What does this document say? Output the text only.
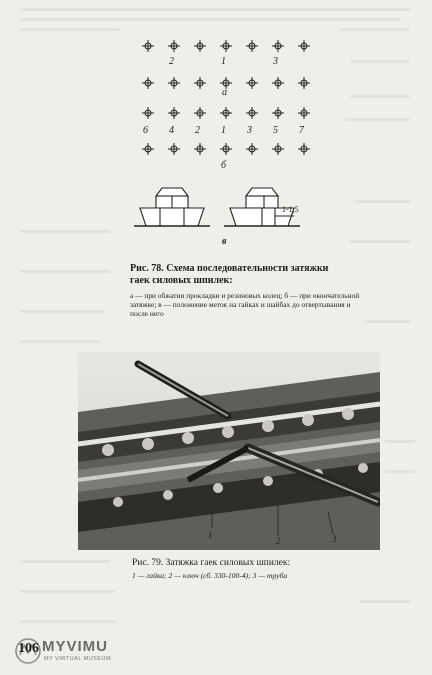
2	1	3
a
6 4 2 1 3 5 7
б
1-1,5
в
Рис. 78. Схема последовательности затяжки гаек силовых шпилек:
а — при обжатии прокладки и резиновых колец; б — при окончательной затяжке; в — положение меток на гайках и шайбах до отвертывания и после него
1
2	3
Рис. 79. Затяжка гаек силовых шпилек:
1 — гайка; 2 — ключ (сб. 330-100-4); 3 — труба
106 MYVIMU
MY VIRTUAL MUSEUM
